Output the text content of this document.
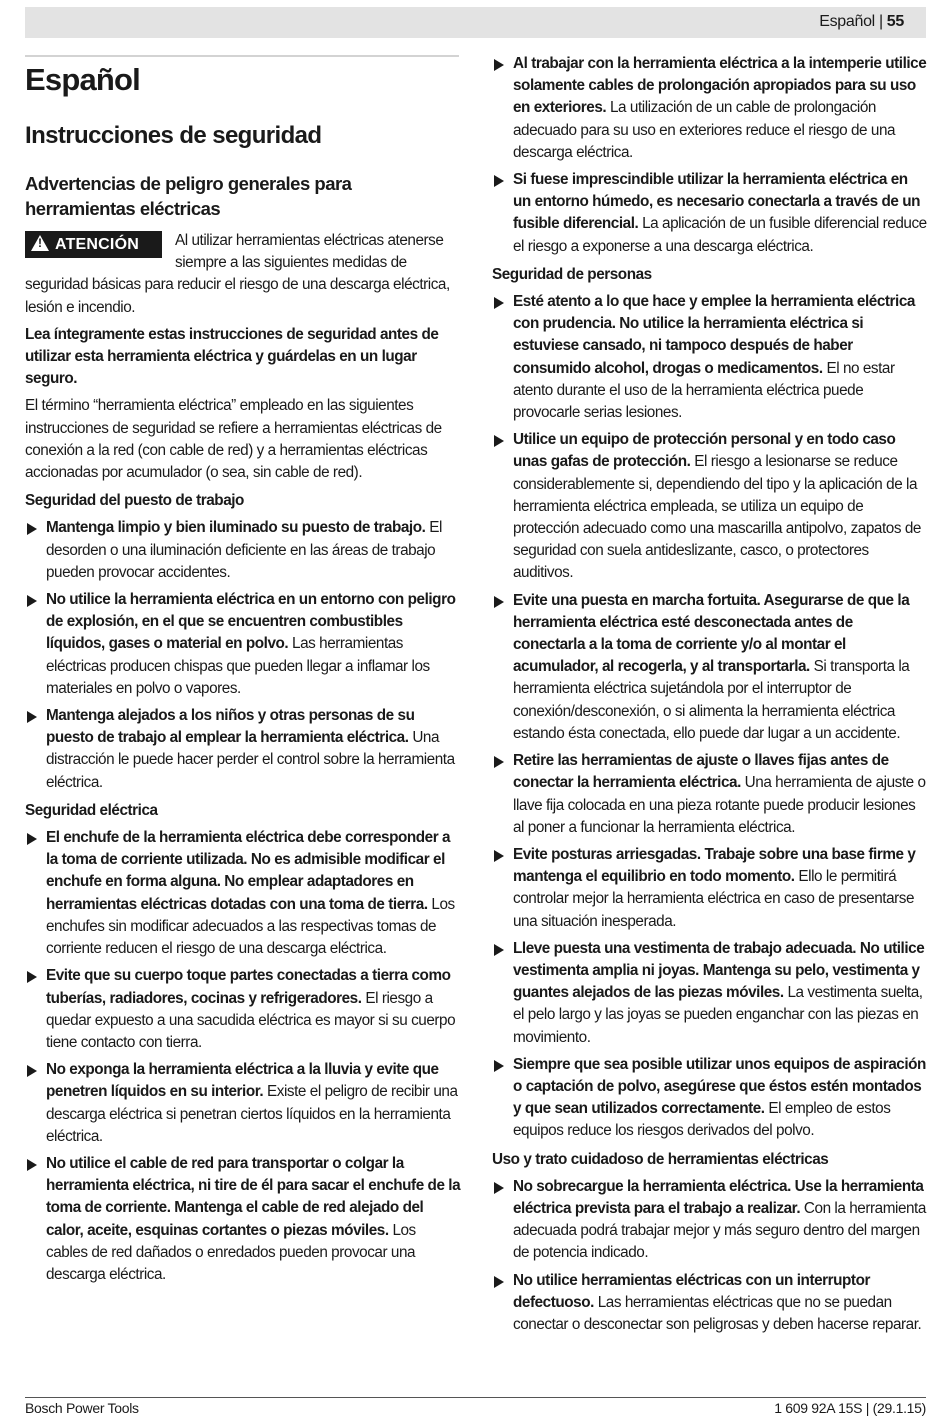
Español | 55
Español
Instrucciones de seguridad
Advertencias de peligro generales para herramientas eléctricas
!ATENCIÓN	Al utilizar herramientas eléctricas atenerse siempre a las siguientes medidas de seguridad básicas para reducir el riesgo de una descarga eléctrica, lesión e incendio.

Lea íntegramente estas instrucciones de seguridad antes de utilizar esta herramienta eléctrica y guárdelas en un lugar seguro.

El término “herramienta eléctrica” empleado en las siguientes instrucciones de seguridad se refiere a herramientas eléctricas de conexión a la red (con cable de red) y a herramientas eléctricas accionadas por acumulador (o sea, sin cable de red).

Seguridad del puesto de trabajo
Mantenga limpio y bien iluminado su puesto de trabajo. El desorden o una iluminación deficiente en las áreas de trabajo pueden provocar accidentes.
No utilice la herramienta eléctrica en un entorno con peligro de explosión, en el que se encuentren combustibles líquidos, gases o material en polvo. Las herramientas eléctricas producen chispas que pueden llegar a inflamar los materiales en polvo o vapores.
Mantenga alejados a los niños y otras personas de su puesto de trabajo al emplear la herramienta eléctrica. Una distracción le puede hacer perder el control sobre la herramienta eléctrica.
Seguridad eléctrica
El enchufe de la herramienta eléctrica debe corresponder a la toma de corriente utilizada. No es admisible modificar el enchufe en forma alguna. No emplear adaptadores en herramientas eléctricas dotadas con una toma de tierra. Los enchufes sin modificar adecuados a las respectivas tomas de corriente reducen el riesgo de una descarga eléctrica.
Evite que su cuerpo toque partes conectadas a tierra como tuberías, radiadores, cocinas y refrigeradores. El riesgo a quedar expuesto a una sacudida eléctrica es mayor si su cuerpo tiene contacto con tierra.
No exponga la herramienta eléctrica a la lluvia y evite que penetren líquidos en su interior. Existe el peligro de recibir una descarga eléctrica si penetran ciertos líquidos en la herramienta eléctrica.
No utilice el cable de red para transportar o colgar la herramienta eléctrica, ni tire de él para sacar el enchufe de la toma de corriente. Mantenga el cable de red alejado del calor, aceite, esquinas cortantes o piezas móviles. Los cables de red dañados o enredados pueden provocar una descarga eléctrica.
Al trabajar con la herramienta eléctrica a la intemperie utilice solamente cables de prolongación apropiados para su uso en exteriores. La utilización de un cable de prolongación adecuado para su uso en exteriores reduce el riesgo de una descarga eléctrica.
Si fuese imprescindible utilizar la herramienta eléctrica en un entorno húmedo, es necesario conectarla a través de un fusible diferencial. La aplicación de un fusible diferencial reduce el riesgo a exponerse a una descarga eléctrica.
Seguridad de personas
Esté atento a lo que hace y emplee la herramienta eléctrica con prudencia. No utilice la herramienta eléctrica si estuviese cansado, ni tampoco después de haber consumido alcohol, drogas o medicamentos. El no estar atento durante el uso de la herramienta eléctrica puede provocarle serias lesiones.
Utilice un equipo de protección personal y en todo caso unas gafas de protección. El riesgo a lesionarse se reduce considerablemente si, dependiendo del tipo y la aplicación de la herramienta eléctrica empleada, se utiliza un equipo de protección adecuado como una mascarilla antipolvo, zapatos de seguridad con suela antideslizante, casco, o protectores auditivos.
Evite una puesta en marcha fortuita. Asegurarse de que la herramienta eléctrica esté desconectada antes de conectarla a la toma de corriente y/o al montar el acumulador, al recogerla, y al transportarla. Si transporta la herramienta eléctrica sujetándola por el interruptor de conexión/desconexión, o si alimenta la herramienta eléctrica estando ésta conectada, ello puede dar lugar a un accidente.
Retire las herramientas de ajuste o llaves fijas antes de conectar la herramienta eléctrica. Una herramienta de ajuste o llave fija colocada en una pieza rotante puede producir lesiones al poner a funcionar la herramienta eléctrica.
Evite posturas arriesgadas. Trabaje sobre una base firme y mantenga el equilibrio en todo momento. Ello le permitirá controlar mejor la herramienta eléctrica en caso de presentarse una situación inesperada.
Lleve puesta una vestimenta de trabajo adecuada. No utilice vestimenta amplia ni joyas. Mantenga su pelo, vestimenta y guantes alejados de las piezas móviles. La vestimenta suelta, el pelo largo y las joyas se pueden enganchar con las piezas en movimiento.
Siempre que sea posible utilizar unos equipos de aspiración o captación de polvo, asegúrese que éstos estén montados y que sean utilizados correctamente. El empleo de estos equipos reduce los riesgos derivados del polvo.
Uso y trato cuidadoso de herramientas eléctricas
No sobrecargue la herramienta eléctrica. Use la herramienta eléctrica prevista para el trabajo a realizar. Con la herramienta adecuada podrá trabajar mejor y más seguro dentro del margen de potencia indicado.
No utilice herramientas eléctricas con un interruptor defectuoso. Las herramientas eléctricas que no se puedan conectar o desconectar son peligrosas y deben hacerse reparar.
Bosch Power Tools	1 609 92A 15S | (29.1.15)
